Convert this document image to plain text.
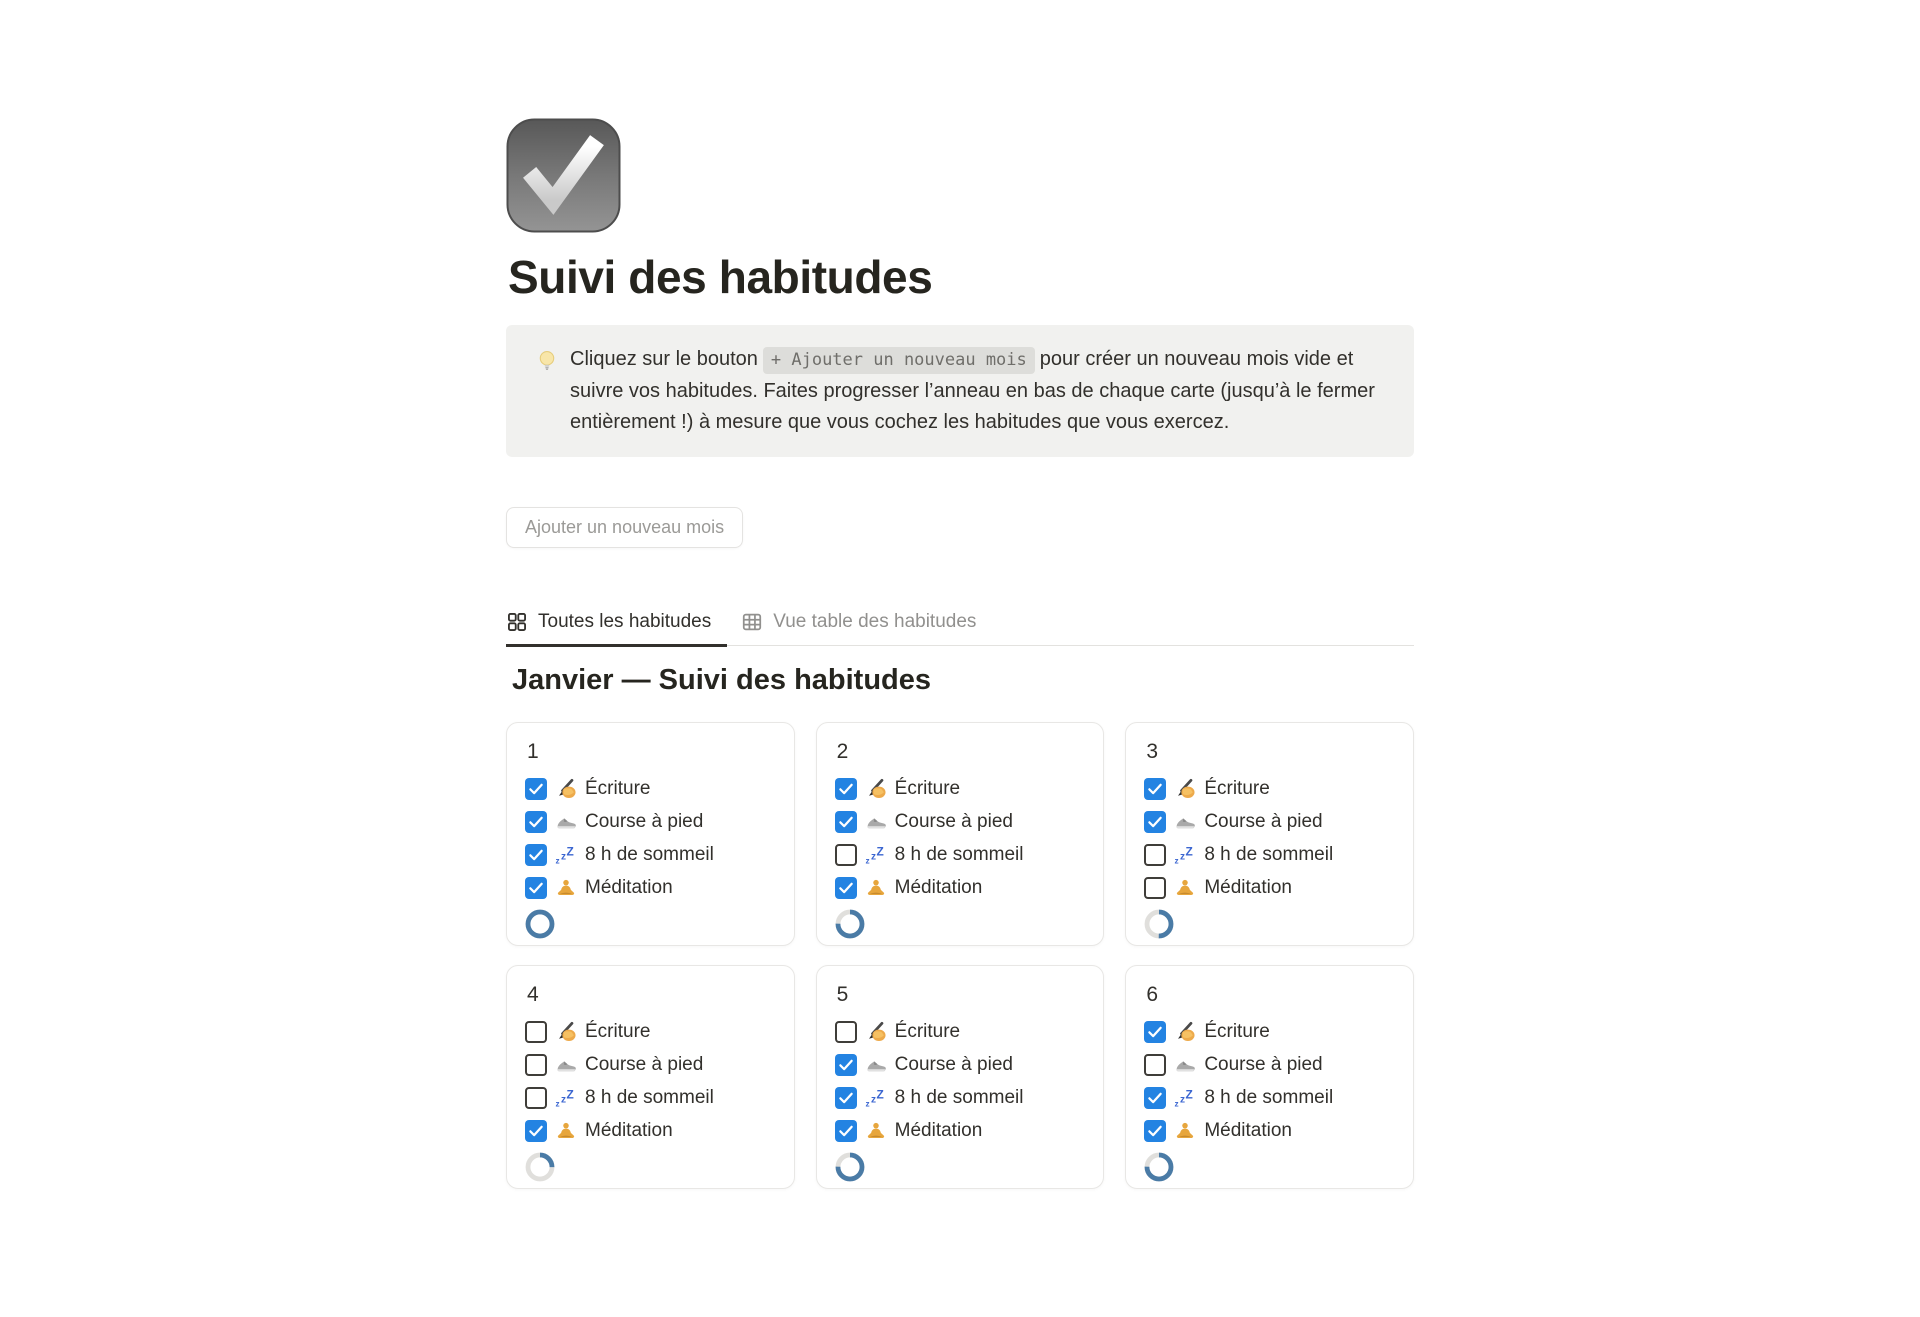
Suivi des habitudes

Cliquez sur le bouton + Ajouter un nouveau mois pour créer un nouveau mois vide et suivre vos habitudes. Faites progresser l’anneau en bas de chaque carte (jusqu’à le fermer entièrement !) à mesure que vous cochez les habitudes que vous exercez.

Ajouter un nouveau mois
Toutes les habitudes	Vue table des habitudes
Janvier — Suivi des habitudes
1
Écriture
Course à pied
z z Z 8 h de sommeil
Méditation
2
Écriture
Course à pied
z z Z 8 h de sommeil
Méditation
3
Écriture
Course à pied
z z Z 8 h de sommeil
Méditation
4
Écriture
Course à pied
z z Z 8 h de sommeil
Méditation
5
Écriture
Course à pied
z z Z 8 h de sommeil
Méditation
6
Écriture
Course à pied
z z Z 8 h de sommeil
Méditation
